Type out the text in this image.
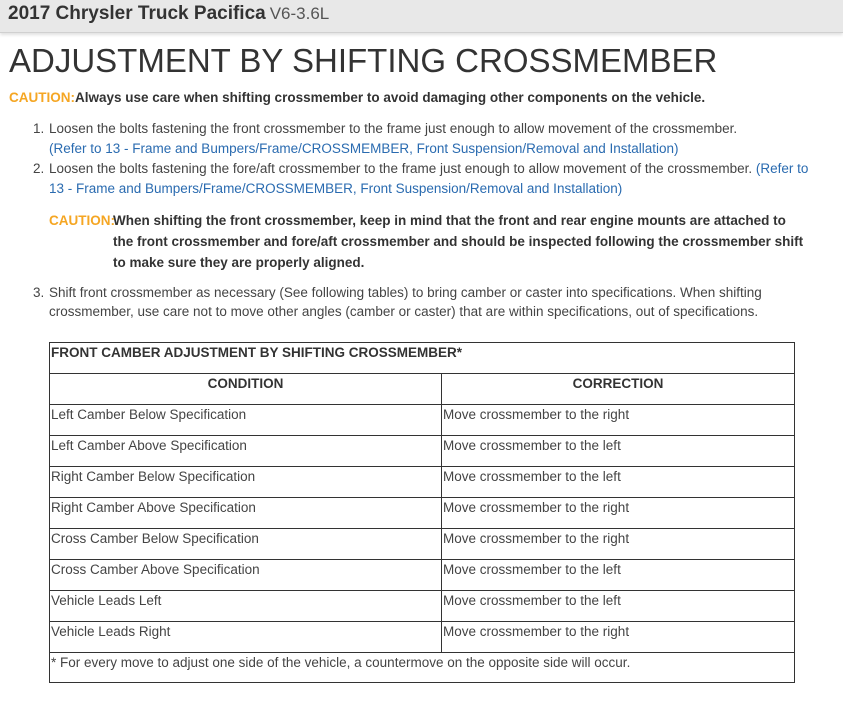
2017 Chrysler Truck Pacifica V6-3.6L
ADJUSTMENT BY SHIFTING CROSSMEMBER
CAUTION:Always use care when shifting crossmember to avoid damaging other components on the vehicle.
1. Loosen the bolts fastening the front crossmember to the frame just enough to allow movement of the crossmember.
(Refer to 13 - Frame and Bumpers/Frame/CROSSMEMBER, Front Suspension/Removal and Installation)
2. Loosen the bolts fastening the fore/aft crossmember to the frame just enough to allow movement of the crossmember. (Refer to 13 - Frame and Bumpers/Frame/CROSSMEMBER, Front Suspension/Removal and Installation)
CAUTION:
When shifting the front crossmember, keep in mind that the front and rear engine mounts are attached to the front crossmember and fore/aft crossmember and should be inspected following the crossmember shift to make sure they are properly aligned.
3. Shift front crossmember as necessary (See following tables) to bring camber or caster into specifications. When shifting crossmember, use care not to move other angles (camber or caster) that are within specifications, out of specifications.
FRONT CAMBER ADJUSTMENT BY SHIFTING CROSSMEMBER*	
CONDITION	CORRECTION
Left Camber Below Specification	Move crossmember to the right
Left Camber Above Specification	Move crossmember to the left
Right Camber Below Specification	Move crossmember to the left
Right Camber Above Specification	Move crossmember to the right
Cross Camber Below Specification	Move crossmember to the right
Cross Camber Above Specification	Move crossmember to the left
Vehicle Leads Left	Move crossmember to the left
Vehicle Leads Right	Move crossmember to the right
* For every move to adjust one side of the vehicle, a countermove on the opposite side will occur.	
